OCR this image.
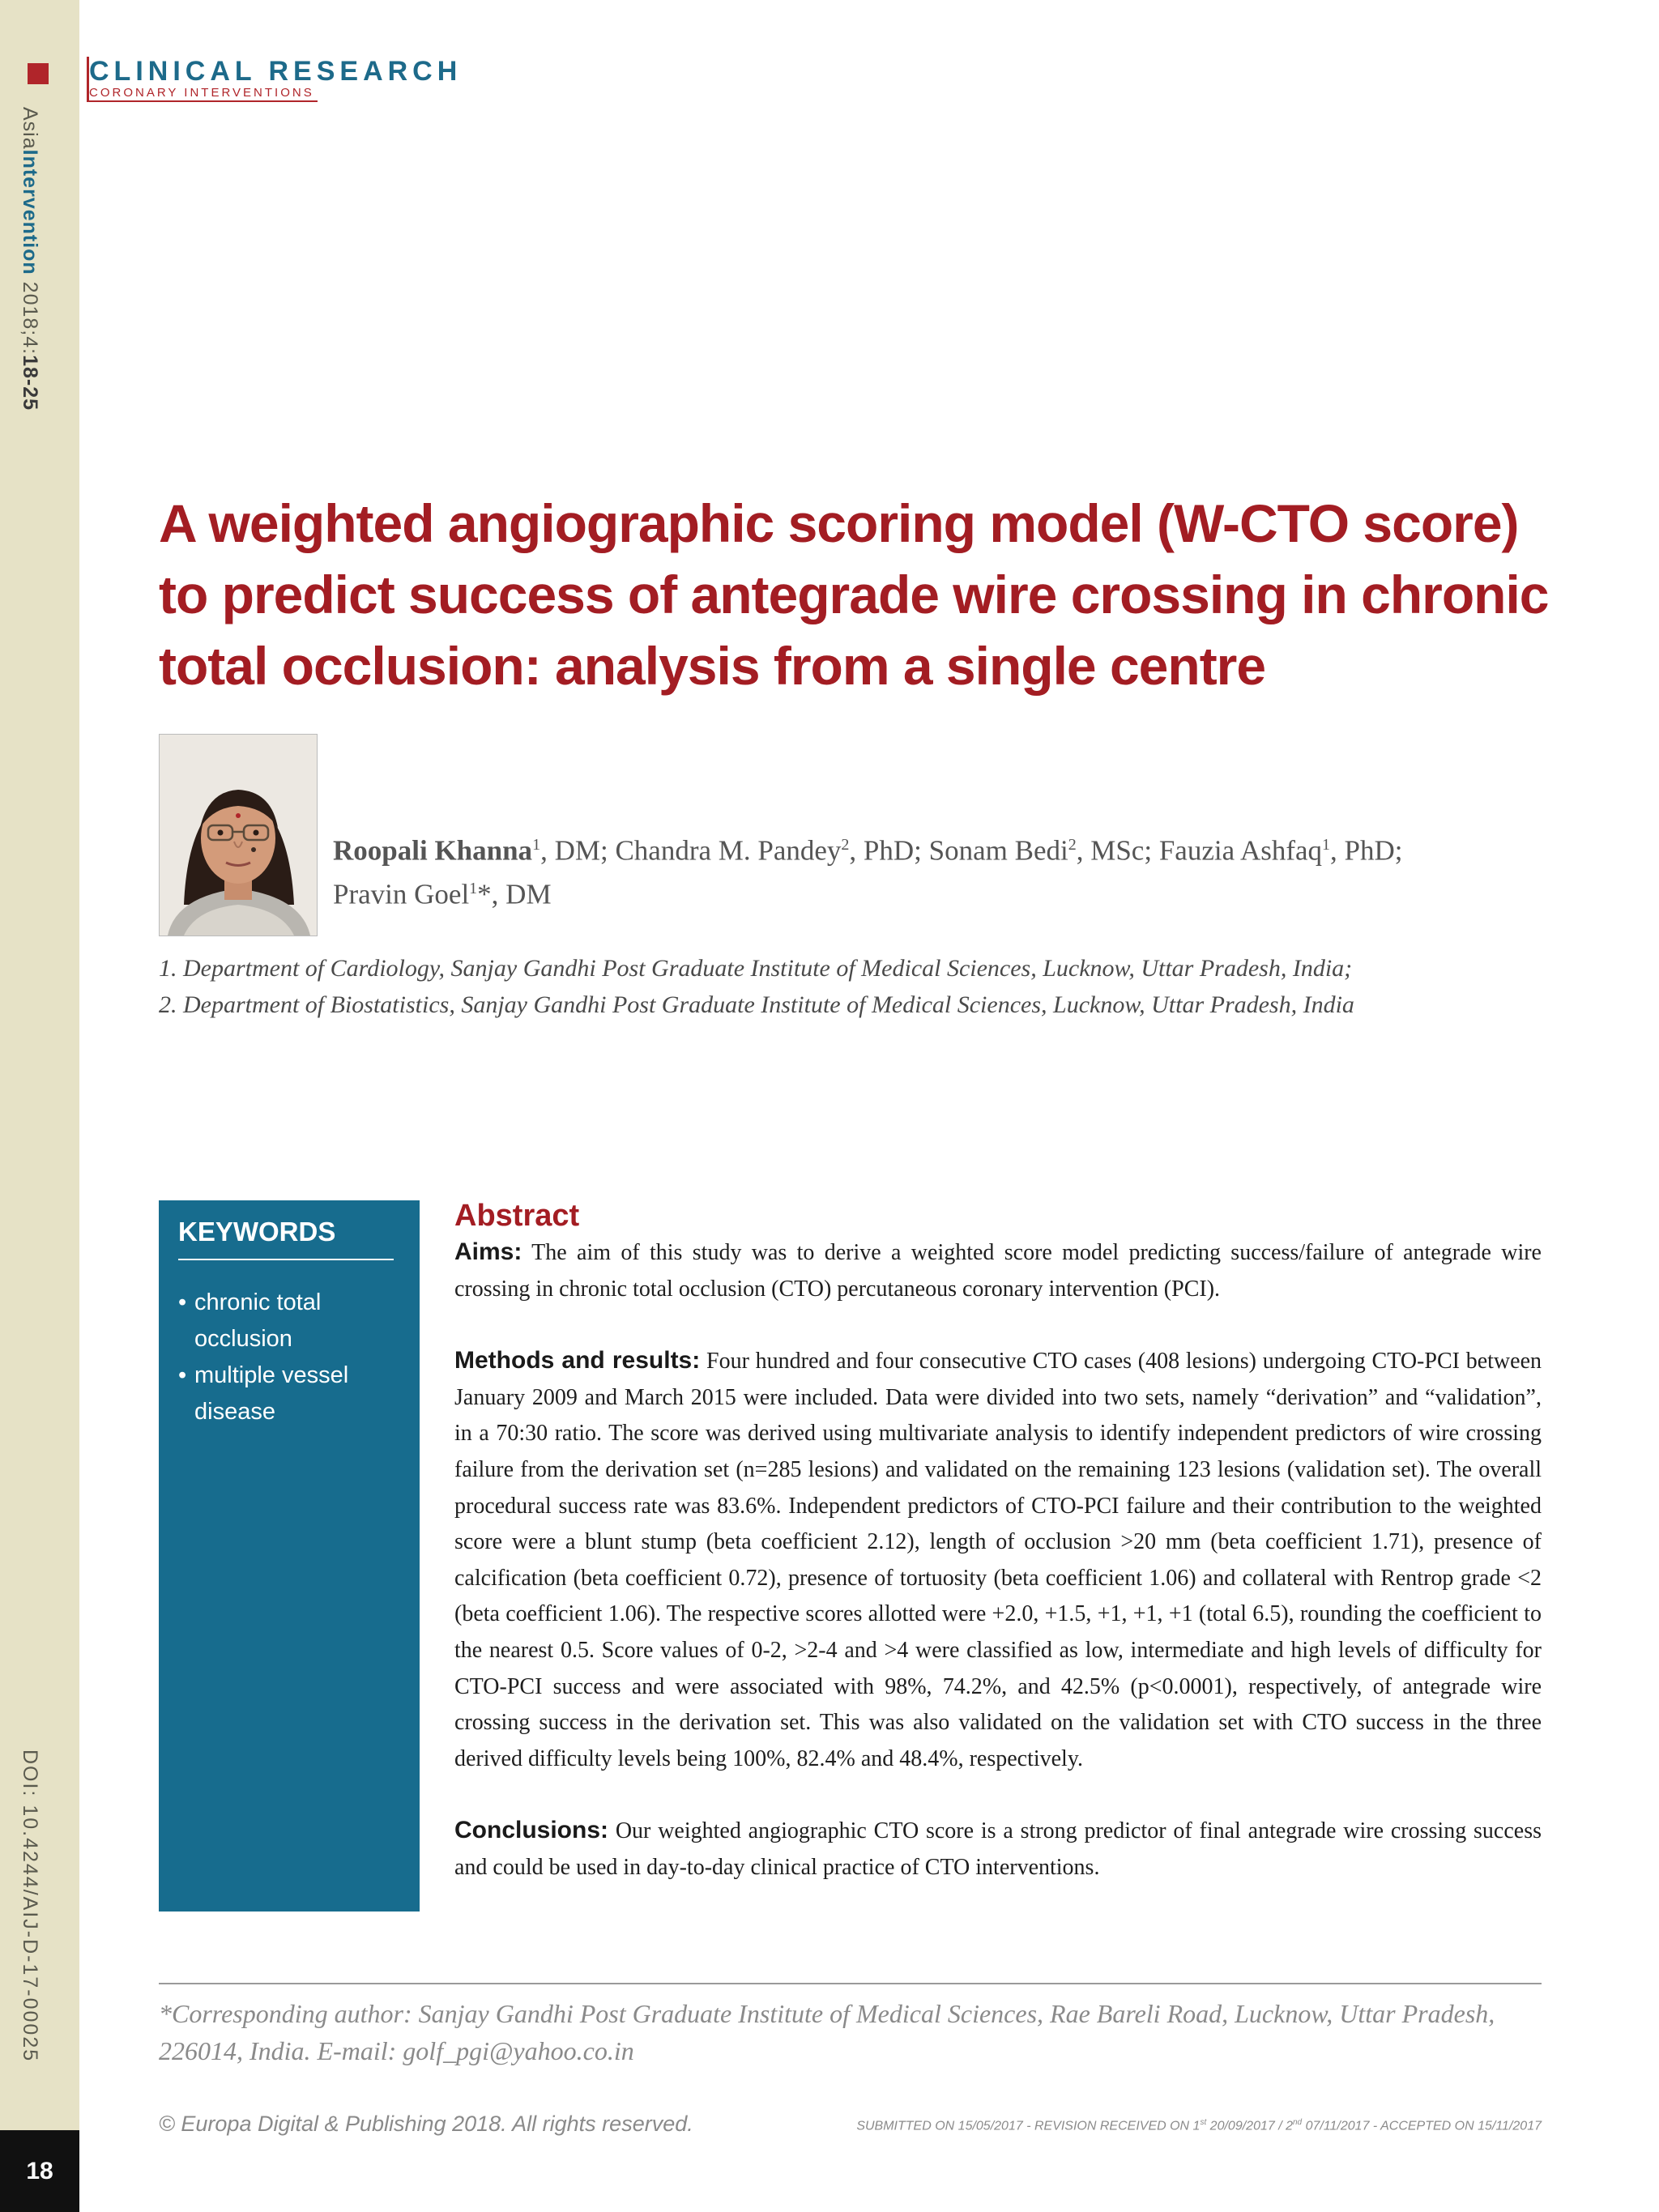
AsiaIntervention 2018;4:18-25
DOI: 10.4244/AIJ-D-17-00025
18
CLINICAL RESEARCH
CORONARY INTERVENTIONS
A weighted angiographic scoring model (W-CTO score) to predict success of antegrade wire crossing in chronic total occlusion: analysis from a single centre
Roopali Khanna$^1$, DM; Chandra M. Pandey$^2$, PhD; Sonam Bedi$^2$, MSc; Fauzia Ashfaq$^1$, PhD;
Pravin Goel$^1$*, DM
1. Department of Cardiology, Sanjay Gandhi Post Graduate Institute of Medical Sciences, Lucknow, Uttar Pradesh, India;
2. Department of Biostatistics, Sanjay Gandhi Post Graduate Institute of Medical Sciences, Lucknow, Uttar Pradesh, India
KEYWORDS
• chronic total occlusion
• multiple vessel disease
Abstract

Aims: The aim of this study was to derive a weighted score model predicting success/failure of antegrade wire crossing in chronic total occlusion (CTO) percutaneous coronary intervention (PCI).

Methods and results: Four hundred and four consecutive CTO cases (408 lesions) undergoing CTO-PCI between January 2009 and March 2015 were included. Data were divided into two sets, namely “derivation” and “validation”, in a 70:30 ratio. The score was derived using multivariate analysis to identify independent predictors of wire crossing failure from the derivation set (n=285 lesions) and validated on the remaining 123 lesions (validation set). The overall procedural success rate was 83.6%. Independent predictors of CTO-PCI failure and their contribution to the weighted score were a blunt stump (beta coefficient 2.12), length of occlusion >20 mm (beta coefficient 1.71), presence of calcification (beta coefficient 0.72), presence of tortuosity (beta coefficient 1.06) and collateral with Rentrop grade <2 (beta coefficient 1.06). The respective scores allotted were +2.0, +1.5, +1, +1, +1 (total 6.5), rounding the coefficient to the nearest 0.5. Score values of 0-2, >2-4 and >4 were classified as low, intermediate and high levels of difficulty for CTO-PCI success and were associated with 98%, 74.2%, and 42.5% (p<0.0001), respectively, of antegrade wire crossing success in the derivation set. This was also validated on the validation set with CTO success in the three derived difficulty levels being 100%, 82.4% and 48.4%, respectively.

Conclusions: Our weighted angiographic CTO score is a strong predictor of final antegrade wire crossing success and could be used in day-to-day clinical practice of CTO interventions.

*Corresponding author: Sanjay Gandhi Post Graduate Institute of Medical Sciences, Rae Bareli Road, Lucknow, Uttar Pradesh, 226014, India. E-mail: golf_pgi@yahoo.co.in
© Europa Digital & Publishing 2018. All rights reserved.	SUBMITTED ON 15/05/2017 - REVISION RECEIVED ON 1st 20/09/2017 / 2nd 07/11/2017 - ACCEPTED ON 15/11/2017
